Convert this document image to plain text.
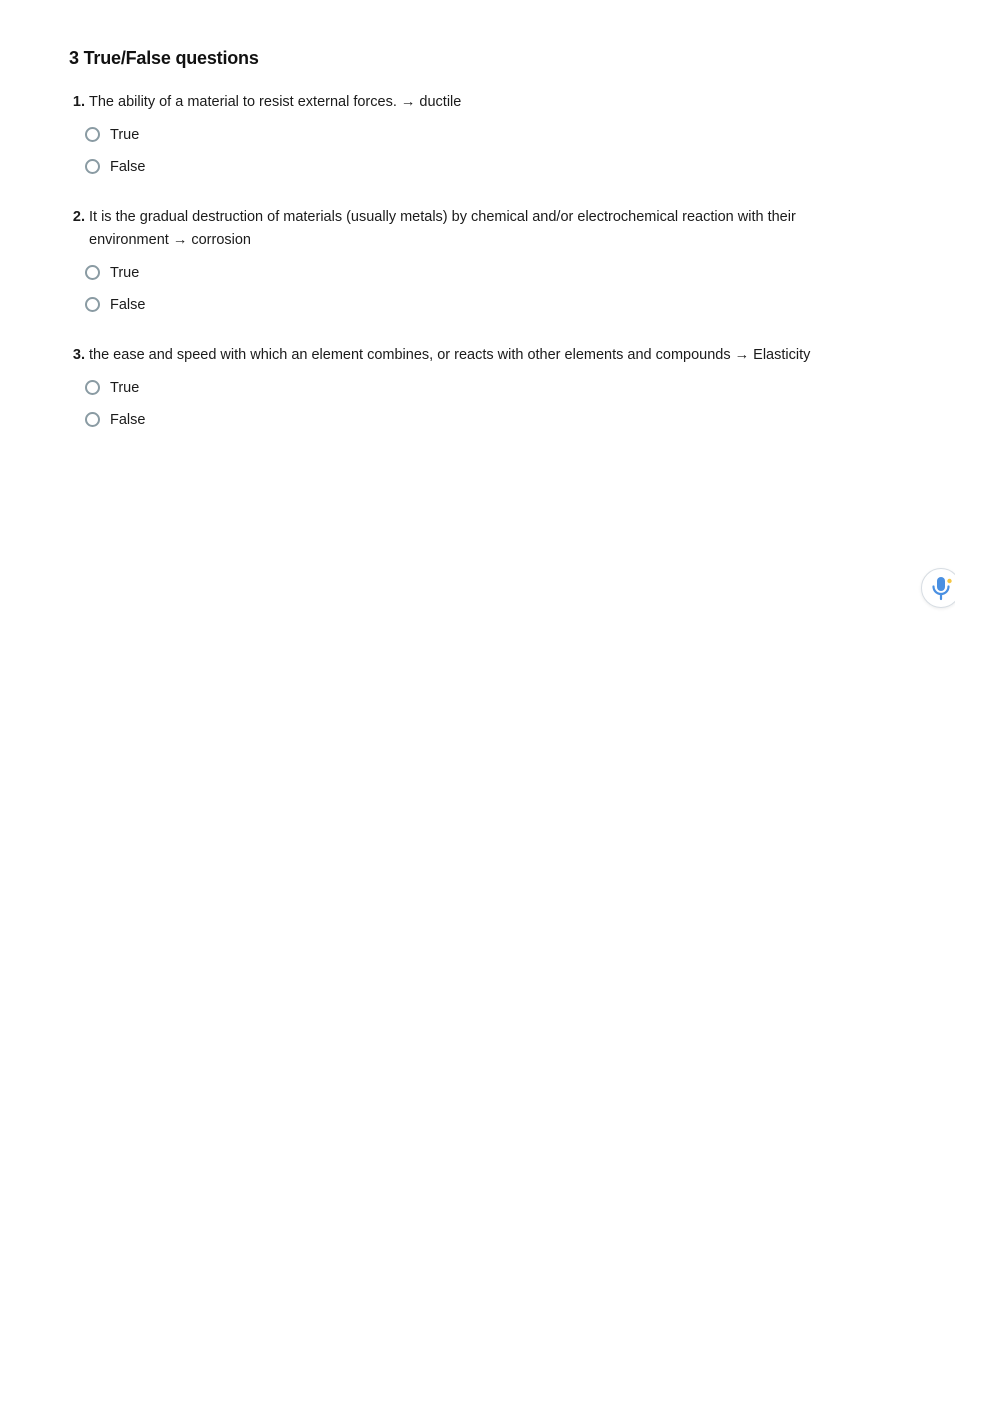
3 True/False questions
1. The ability of a material to resist external forces. → ductile
True
False
2. It is the gradual destruction of materials (usually metals) by chemical and/or electrochemical reaction with their environment → corrosion
True
False
3. the ease and speed with which an element combines, or reacts with other elements and compounds → Elasticity
True
False
